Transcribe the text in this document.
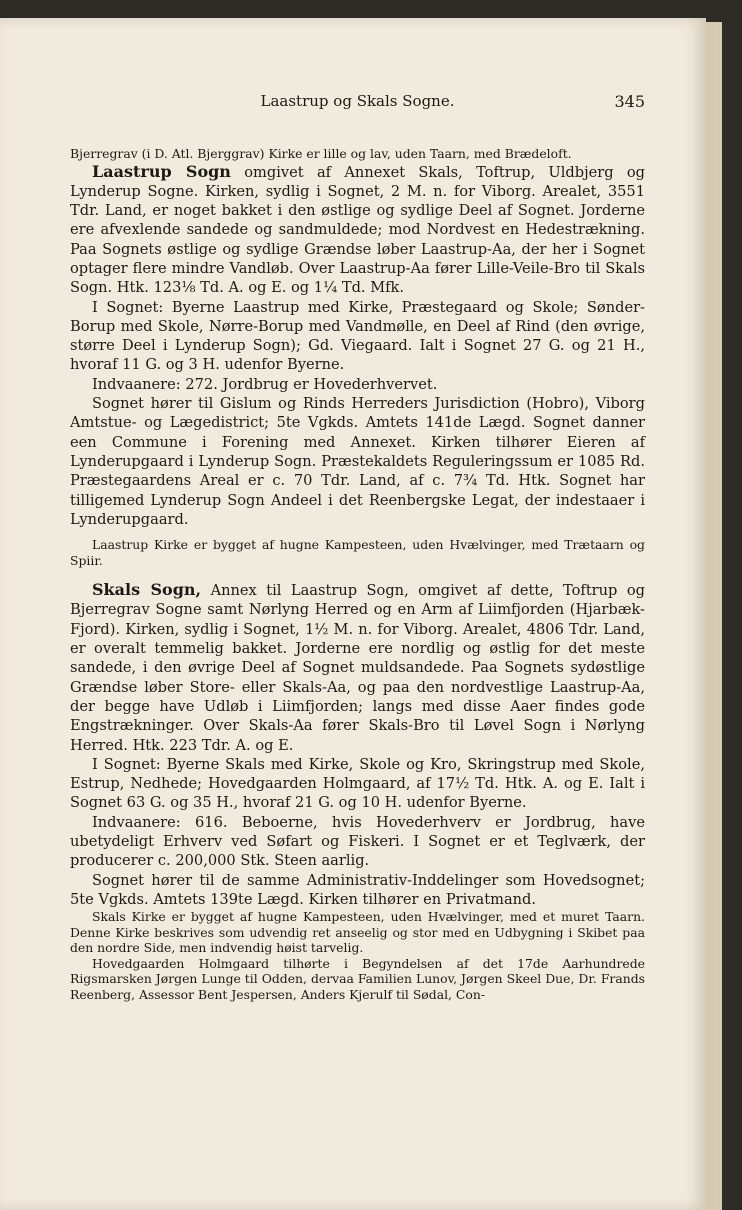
Laastrup og Skals Sogne.	345

Bjerregrav (i D. Atl. Bjerggrav) Kirke er lille og lav, uden Taarn, med Brædeloft.

Laastrup Sogn omgivet af Annexet Skals, Toftrup, Uldbjerg og Lynderup Sogne. Kirken, sydlig i Sognet, 2 M. n. for Viborg. Arealet, 3551 Tdr. Land, er noget bakket i den østlige og sydlige Deel af Sognet. Jorderne ere afvexlende sandede og sandmuldede; mod Nordvest en Hedestrækning. Paa Sognets østlige og sydlige Grændse løber Laastrup-Aa, der her i Sognet optager flere mindre Vandløb. Over Laastrup-Aa fører Lille-Veile-Bro til Skals Sogn. Htk. 123⅛ Td. A. og E. og 1¼ Td. Mfk.

I Sognet: Byerne Laastrup med Kirke, Præstegaard og Skole; Sønder-Borup med Skole, Nørre-Borup med Vandmølle, en Deel af Rind (den øvrige, større Deel i Lynderup Sogn); Gd. Viegaard. Ialt i Sognet 27 G. og 21 H., hvoraf 11 G. og 3 H. udenfor Byerne.

Indvaanere: 272. Jordbrug er Hovederhvervet.

Sognet hører til Gislum og Rinds Herreders Jurisdiction (Hobro), Viborg Amtstue- og Lægedistrict; 5te Vgkds. Amtets 141de Lægd. Sognet danner een Commune i Forening med Annexet. Kirken tilhører Eieren af Lynderupgaard i Lynderup Sogn. Præstekaldets Reguleringssum er 1085 Rd. Præstegaardens Areal er c. 70 Tdr. Land, af c. 7¾ Td. Htk. Sognet har tilligemed Lynderup Sogn Andeel i det Reenbergske Legat, der indestaaer i Lynderupgaard.

Laastrup Kirke er bygget af hugne Kampesteen, uden Hvælvinger, med Trætaarn og Spiir.

Skals Sogn, Annex til Laastrup Sogn, omgivet af dette, Toftrup og Bjerregrav Sogne samt Nørlyng Herred og en Arm af Liimfjorden (Hjarbæk-Fjord). Kirken, sydlig i Sognet, 1½ M. n. for Viborg. Arealet, 4806 Tdr. Land, er overalt temmelig bakket. Jorderne ere nordlig og østlig for det meste sandede, i den øvrige Deel af Sognet muldsandede. Paa Sognets sydøstlige Grændse løber Store- eller Skals-Aa, og paa den nordvestlige Laastrup-Aa, der begge have Udløb i Liimfjorden; langs med disse Aaer findes gode Engstrækninger. Over Skals-Aa fører Skals-Bro til Løvel Sogn i Nørlyng Herred. Htk. 223 Tdr. A. og E.

I Sognet: Byerne Skals med Kirke, Skole og Kro, Skringstrup med Skole, Estrup, Nedhede; Hovedgaarden Holmgaard, af 17½ Td. Htk. A. og E. Ialt i Sognet 63 G. og 35 H., hvoraf 21 G. og 10 H. udenfor Byerne.

Indvaanere: 616. Beboerne, hvis Hovederhverv er Jordbrug, have ubetydeligt Erhverv ved Søfart og Fiskeri. I Sognet er et Teglværk, der producerer c. 200,000 Stk. Steen aarlig.

Sognet hører til de samme Administrativ-Inddelinger som Hovedsognet; 5te Vgkds. Amtets 139te Lægd. Kirken tilhører en Privatmand.

Skals Kirke er bygget af hugne Kampesteen, uden Hvælvinger, med et muret Taarn. Denne Kirke beskrives som udvendig ret anseelig og stor med en Udbygning i Skibet paa den nordre Side, men indvendig høist tarvelig.

Hovedgaarden Holmgaard tilhørte i Begyndelsen af det 17de Aarhundrede Rigsmarsken Jørgen Lunge til Odden, dervaa Familien Lunov, Jørgen Skeel Due, Dr. Frands Reenberg, Assessor Bent Jespersen, Anders Kjerulf til Sødal, Con-
